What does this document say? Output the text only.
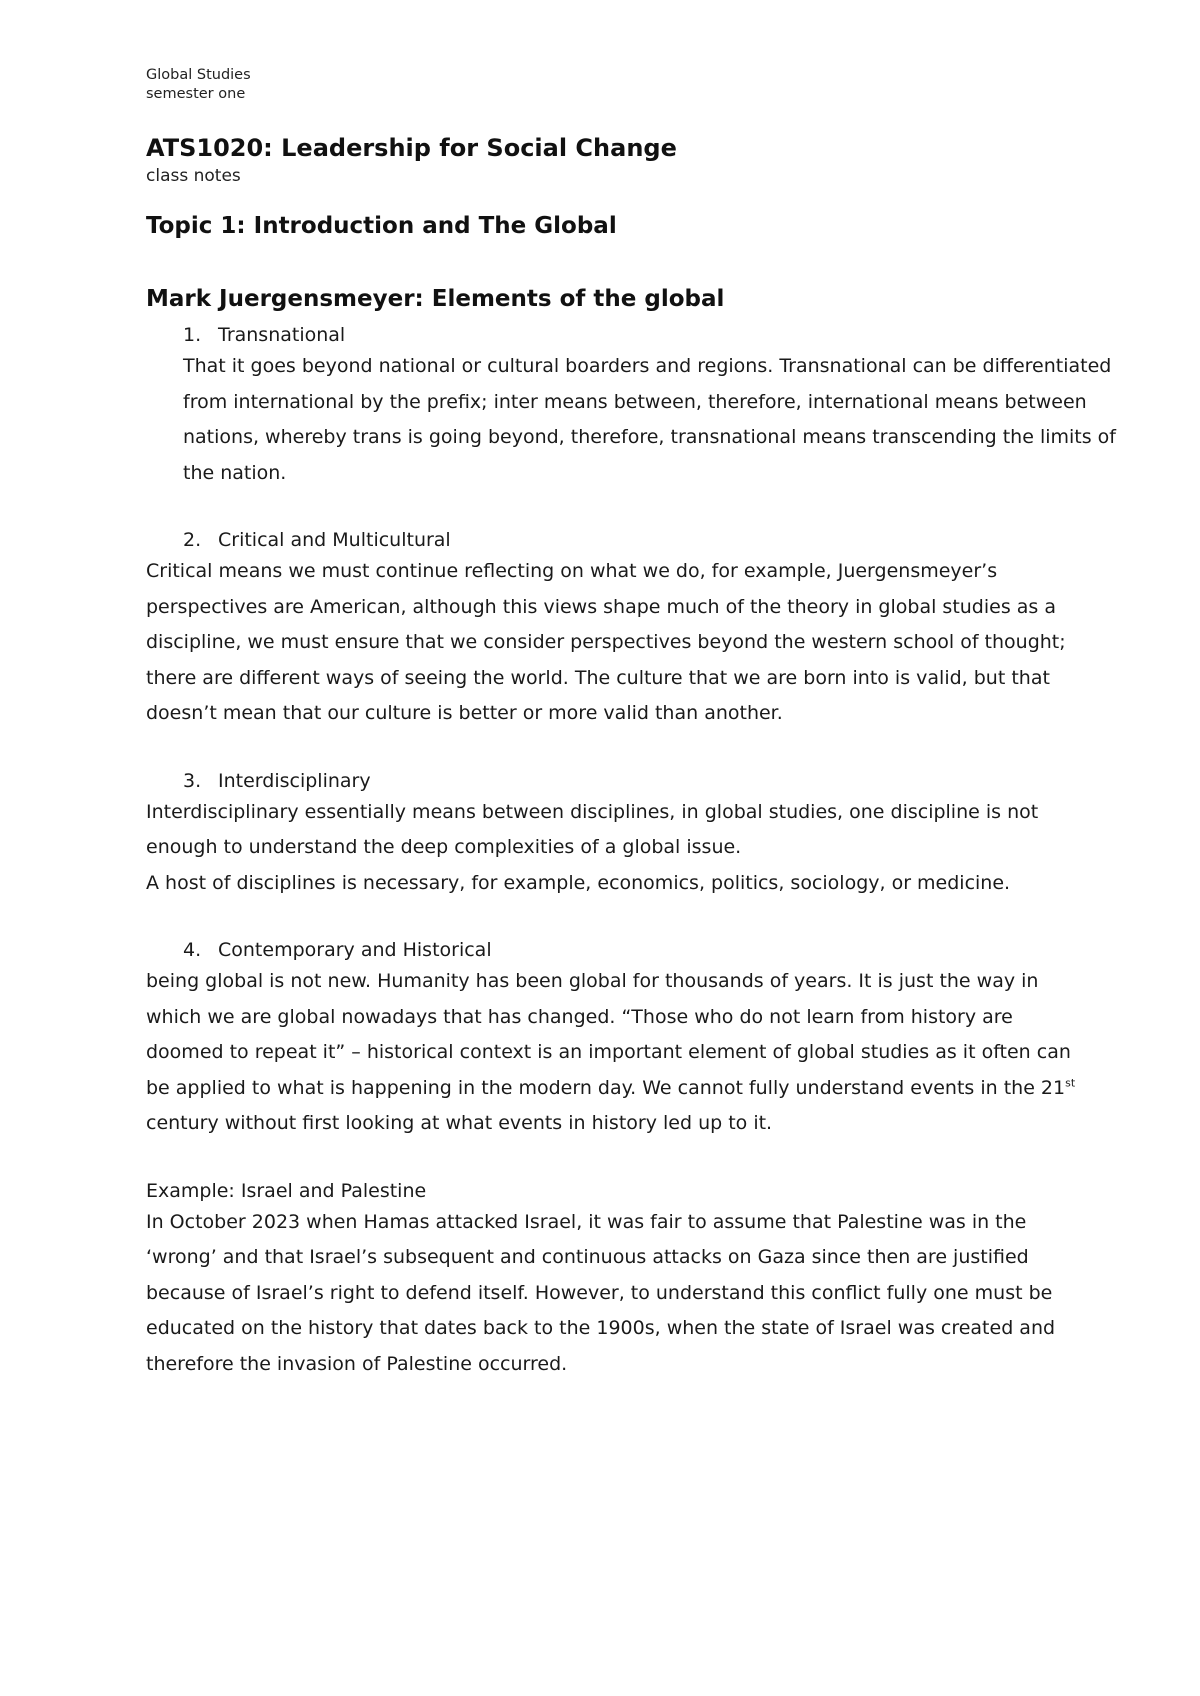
Global Studies
semester one
ATS1020: Leadership for Social Change
class notes
Topic 1: Introduction and The Global
Mark Juergensmeyer: Elements of the global
1. Transnational

That it goes beyond national or cultural boarders and regions. Transnational can be differentiated from international by the prefix; inter means between, therefore, international means between nations, whereby trans is going beyond, therefore, transnational means transcending the limits of the nation.

2. Critical and Multicultural

Critical means we must continue reflecting on what we do, for example, Juergensmeyer’s perspectives are American, although this views shape much of the theory in global studies as a discipline, we must ensure that we consider perspectives beyond the western school of thought; there are different ways of seeing the world. The culture that we are born into is valid, but that doesn’t mean that our culture is better or more valid than another.

3. Interdisciplinary

Interdisciplinary essentially means between disciplines, in global studies, one discipline is not enough to understand the deep complexities of a global issue.

A host of disciplines is necessary, for example, economics, politics, sociology, or medicine.

4. Contemporary and Historical

being global is not new. Humanity has been global for thousands of years. It is just the way in which we are global nowadays that has changed. “Those who do not learn from history are doomed to repeat it” – historical context is an important element of global studies as it often can be applied to what is happening in the modern day. We cannot fully understand events in the 21st century without first looking at what events in history led up to it.

Example: Israel and Palestine

In October 2023 when Hamas attacked Israel, it was fair to assume that Palestine was in the ‘wrong’ and that Israel’s subsequent and continuous attacks on Gaza since then are justified because of Israel’s right to defend itself. However, to understand this conflict fully one must be educated on the history that dates back to the 1900s, when the state of Israel was created and therefore the invasion of Palestine occurred.
